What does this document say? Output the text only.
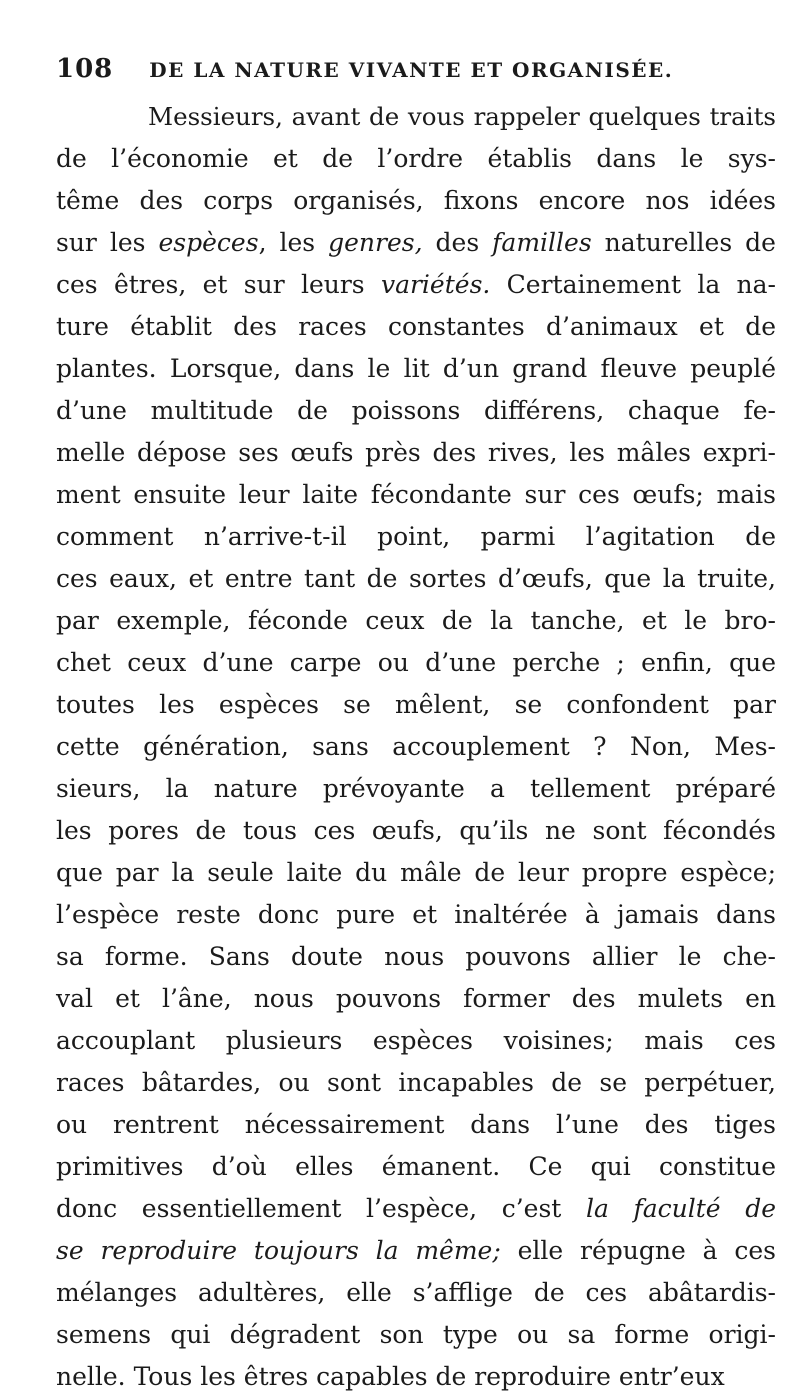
108 DE LA NATURE VIVANTE ET ORGANISÉE.
Messieurs, avant de vous rappeler quelques traits
de l’économie et de l’ordre établis dans le sys-
tême des corps organisés, fixons encore nos idées
sur les espèces, les genres, des familles naturelles de
ces êtres, et sur leurs variétés. Certainement la na-
ture établit des races constantes d’animaux et de
plantes. Lorsque, dans le lit d’un grand fleuve peuplé
d’une multitude de poissons différens, chaque fe-
melle dépose ses œufs près des rives, les mâles expri-
ment ensuite leur laite fécondante sur ces œufs; mais
comment n’arrive-t-il point, parmi l’agitation de
ces eaux, et entre tant de sortes d’œufs, que la truite,
par exemple, féconde ceux de la tanche, et le bro-
chet ceux d’une carpe ou d’une perche ; enfin, que
toutes les espèces se mêlent, se confondent par
cette génération, sans accouplement ? Non, Mes-
sieurs, la nature prévoyante a tellement préparé
les pores de tous ces œufs, qu’ils ne sont fécondés
que par la seule laite du mâle de leur propre espèce;
l’espèce reste donc pure et inaltérée à jamais dans
sa forme. Sans doute nous pouvons allier le che-
val et l’âne, nous pouvons former des mulets en
accouplant plusieurs espèces voisines; mais ces
races bâtardes, ou sont incapables de se perpétuer,
ou rentrent nécessairement dans l’une des tiges
primitives d’où elles émanent. Ce qui constitue
donc essentiellement l’espèce, c’est la faculté de
se reproduire toujours la même; elle répugne à ces
mélanges adultères, elle s’afflige de ces abâtardis-
semens qui dégradent son type ou sa forme origi-
nelle. Tous les êtres capables de reproduire entr’eux
